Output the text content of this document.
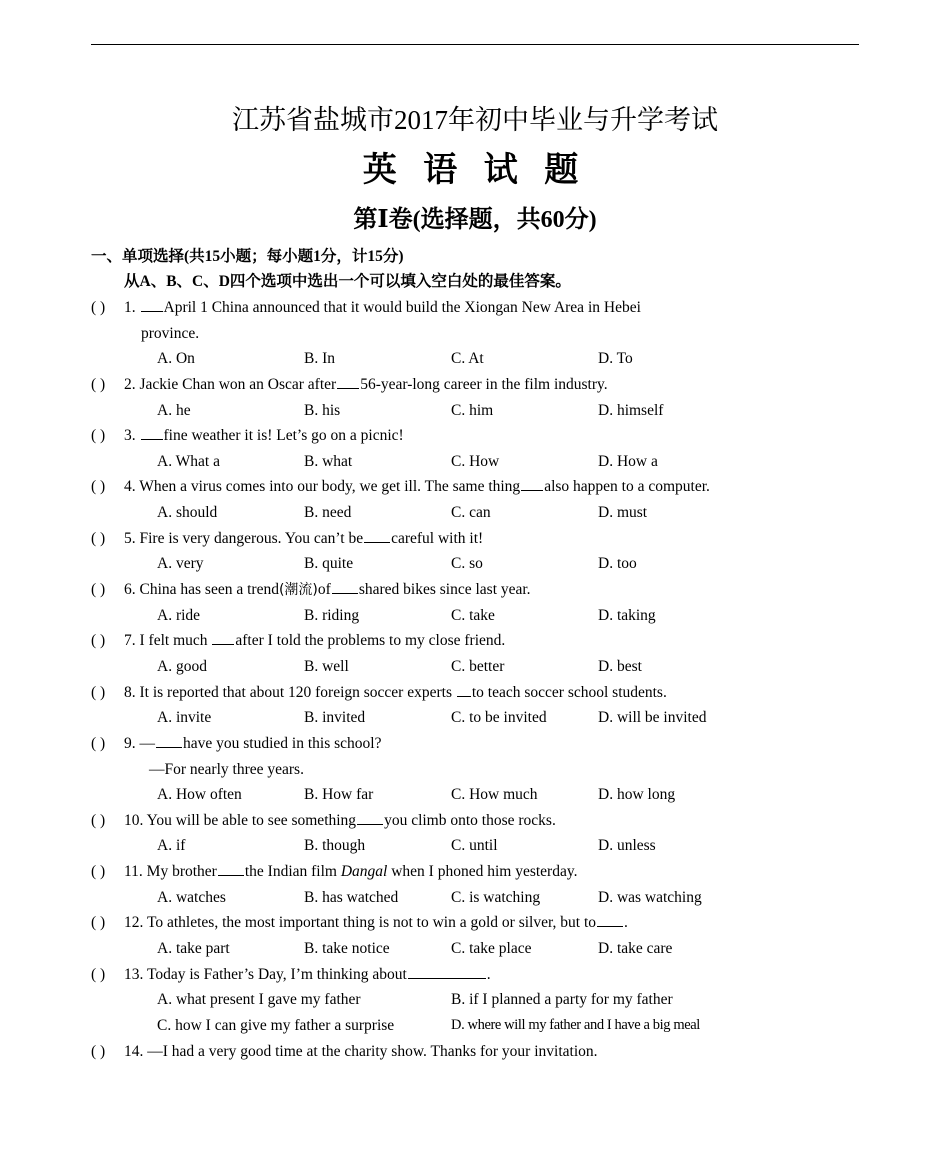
江苏省盐城市2017年初中毕业与升学考试
英 语 试 题
第Ⅰ卷(选择题，共60分)
一、单项选择(共15小题；每小题1分，计15分)
从A、B、C、D四个选项中选出一个可以填入空白处的最佳答案。
( ) 1. April 1 China announced that it would build the Xiongan New Area in Hebei
province.
A. On	B. In	C. At	D. To
( ) 2. Jackie Chan won an Oscar after 56-year-long career in the film industry.
A. he	B. his	C. him	D. himself
( ) 3. fine weather it is! Let’s go on a picnic!
A. What a	B. what	C. How	D. How a
( ) 4. When a virus comes into our body, we get ill. The same thing also happen to a computer.
A. should	B. need	C. can	D. must
( ) 5. Fire is very dangerous. You can’t be careful with it!
A. very	B. quite	C. so	D. too
( ) 6. China has seen a trend(潮流)of shared bikes since last year.
A. ride	B. riding	C. take	D. taking
( ) 7. I felt much after I told the problems to my close friend.
A. good	B. well	C. better	D. best
( ) 8. It is reported that about 120 foreign soccer experts to teach soccer school students.
A. invite	B. invited	C. to be invited	D. will be invited
( ) 9. — have you studied in this school?
—For nearly three years.
A. How often	B. How far	C. How much	D. how long
( ) 10. You will be able to see something you climb onto those rocks.
A. if	B. though	C. until	D. unless
( ) 11. My brother the Indian film Dangal when I phoned him yesterday.
A. watches	B. has watched	C. is watching	D. was watching
( ) 12. To athletes, the most important thing is not to win a gold or silver, but to .
A. take part	B. take notice	C. take place	D. take care
( ) 13. Today is Father’s Day, I’m thinking about	.
A. what present I gave my father	B. if I planned a party for my father
C. how I can give my father a surprise	D. where will my father and I have a big meal
( ) 14. —I had a very good time at the charity show. Thanks for your invitation.
